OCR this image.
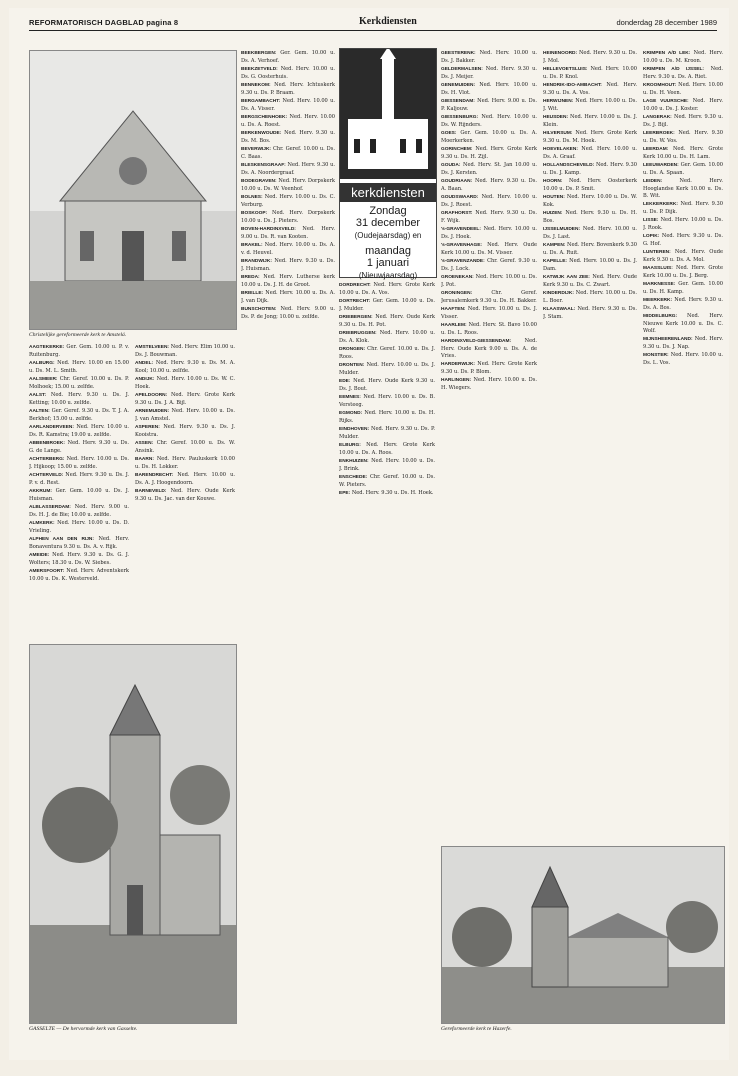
REFORMATORISCH DAGBLAD pagina 8	Kerkdiensten	donderdag 28 december 1989
Christelijke gereformeerde kerk te Amstelá.
kerkdiensten
Zondag
31 december
(Oudejaarsdag) en
maandag
1 januari
(Nieuwjaarsdag)

AAGTEKERKE: Ger. Gem. 10.00 u. P. v. Ruitenburg.

AALBURG: Ned. Herv. 10.00 en 15.00 u. Ds. M. L. Smith.

AALSMEER: Chr. Geref. 10.00 u. Ds. P. Molhoek; 15.00 u. zelfde.

AALST: Ned. Herv. 9.30 u. Ds. J. Ketting; 10.00 u. zelfde.

AALTEN: Ger. Geref. 9.30 u. Ds. T. J. A. Berkhof; 15.00 u. zelfde.

AARLANDERVEEN: Ned. Herv. 10.00 u. Ds. R. Kamstra; 19.00 u. zelfde.

ABBENBROEK: Ned. Herv. 9.30 u. Ds. G. de Lange.

ACHTERBERG: Ned. Herv. 10.00 u. Ds. J. Hijkoop; 15.00 u. zelfde.

ACHTERVELD: Ned. Herv. 9.30 u. Ds. J. P. v. d. Rest.

AKKRUM: Ger. Gem. 10.00 u. Ds. J. Huisman.

ALBLASSERDAM: Ned. Herv. 9.00 u. Ds. H. J. de Bie; 10.00 u. zelfde.

ALMKERK: Ned. Herv. 10.00 u. Ds. D. Vrieling.

ALPHEN AAN DEN RIJN: Ned. Herv. Bonaventura 9.30 u. Ds. A. v. Rijk.

AMEIDE: Ned. Herv. 9.30 u. Ds. G. J. Wolters; 18.30 u. Ds. W. Siebes.

AMERSFOORT: Ned. Herv. Adventskerk 10.00 u. Ds. K. Westerveld.

AMSTELVEEN: Ned. Herv. Elim 10.00 u. Ds. J. Bouwman.

ANDEL: Ned. Herv. 9.30 u. Ds. M. A. Kool; 10.00 u. zelfde.

ANDIJK: Ned. Herv. 10.00 u. Ds. W. C. Hoek.

APELDOORN: Ned. Herv. Grote Kerk 9.30 u. Ds. J. A. Bijl.

ARNEMUIDEN: Ned. Herv. 10.00 u. Ds. J. van Amstel.

ASPEREN: Ned. Herv. 9.30 u. Ds. J. Kooistra.

ASSEN: Chr. Geref. 10.00 u. Ds. W. Ansink.

BAARN: Ned. Herv. Pauluskerk 10.00 u. Ds. H. Lokker.

BARENDRECHT: Ned. Herv. 10.00 u. Ds. A. J. Hoogendoorn.

BARNEVELD: Ned. Herv. Oude Kerk 9.30 u. Ds. Jac. van der Kouwe.

BEEKBERGEN: Ger. Gem. 10.00 u. Ds. A. Verhoef.

BEEKZETVELD: Ned. Herv. 10.00 u. Ds. G. Oosterhuis.

BENNEKOM: Ned. Herv. Ichtuskerk 9.30 u. Ds. P. Braam.

BERGAMBACHT: Ned. Herv. 10.00 u. Ds. A. Visser.

BERGSCHENHOEK: Ned. Herv. 10.00 u. Ds. A. Roest.

BERKENWOUDE: Ned. Herv. 9.30 u. Ds. M. Bos.

BEVERWIJK: Chr. Geref. 10.00 u. Ds. C. Baas.

BLESKENSGRAAF: Ned. Herv. 9.30 u. Ds. A. Noordergraaf.

BODEGRAVEN: Ned. Herv. Dorpskerk 10.00 u. Ds. W. Veenhof.

BOLNES: Ned. Herv. 10.00 u. Ds. C. Verburg.

BOSKOOP: Ned. Herv. Dorpskerk 10.00 u. Ds. J. Pieters.

BOVEN-HARDINXVELD: Ned. Herv. 9.00 u. Ds. R. van Kooten.

BRAKEL: Ned. Herv. 10.00 u. Ds. A. v. d. Heuvel.

BRANDWIJK: Ned. Herv. 9.30 u. Ds. J. Huisman.

BREDA: Ned. Herv. Lutherse kerk 10.00 u. Ds. J. H. de Groot.

BRIELLE: Ned. Herv. 10.00 u. Ds. A. J. van Dijk.

BUNSCHOTEN: Ned. Herv. 9.00 u. Ds. P. de Jong; 10.00 u. zelfde.

DORDRECHT: Ned. Herv. Grote Kerk 10.00 u. Ds. A. Vos.

DORTRECHT: Ger. Gem. 10.00 u. Ds. J. Mulder.

DRIEBERGEN: Ned. Herv. Oude Kerk 9.30 u. Ds. H. Pot.

DRIEBRUGGEN: Ned. Herv. 10.00 u. Ds. A. Klok.

DRONGEN: Chr. Geref. 10.00 u. Ds. J. Roos.

DRONTEN: Ned. Herv. 10.00 u. Ds. J. Mulder.

EDE: Ned. Herv. Oude Kerk 9.30 u. Ds. J. Bout.

EEMNES: Ned. Herv. 10.00 u. Ds. B. Versteeg.

EGMOND: Ned. Herv. 10.00 u. Ds. H. Rijks.

EINDHOVEN: Ned. Herv. 9.30 u. Ds. P. Mulder.

ELBURG: Ned. Herv. Grote Kerk 10.00 u. Ds. A. Roos.

ENKHUIZEN: Ned. Herv. 10.00 u. Ds. J. Brink.

ENSCHEDE: Chr. Geref. 10.00 u. Ds. W. Pieters.

EPE: Ned. Herv. 9.30 u. Ds. H. Hoek.

GEESTERENK: Ned. Herv. 10.00 u. Ds. J. Bakker.

GELDERMALSEN: Ned. Herv. 9.30 u. Ds. J. Meijer.

GENEMUIDEN: Ned. Herv. 10.00 u. Ds. H. Vlot.

GIESSENDAM: Ned. Herv. 9.00 u. Ds. P. Kaljouw.

GIESSENBURG: Ned. Herv. 10.00 u. Ds. W. Rijnders.

GOES: Ger. Gem. 10.00 u. Ds. A. Moerkerken.

GORINCHEM: Ned. Herv. Grote Kerk 9.30 u. Ds. H. Zijl.

GOUDA: Ned. Herv. St. Jan 10.00 u. Ds. J. Kersten.

GOUDRIAAN: Ned. Herv. 9.30 u. Ds. A. Baan.

GOUDSWAARD: Ned. Herv. 10.00 u. Ds. J. Roest.

GRAFHORST: Ned. Herv. 9.30 u. Ds. F. Wijk.

's-GRAVENDEEL: Ned. Herv. 10.00 u. Ds. J. Hoek.

's-GRAVENHAGE: Ned. Herv. Oude Kerk 10.00 u. Ds. M. Visser.

's-GRAVENZANDE: Chr. Geref. 9.30 u. Ds. J. Lock.

GROENEKAN: Ned. Herv. 10.00 u. Ds. J. Pot.

GRONINGEN:	Chr. Geref. Jerusalemkerk 9.30 u. Ds. H. Bakker.

HAAFTEN: Ned. Herv. 10.00 u. Ds. J. Visser.

HAARLEM: Ned. Herv. St. Bavo 10.00 u. Ds. L. Roos.

HARDINXVELD-GIESSENDAM:	Ned. Herv. Oude Kerk 9.00 u. Ds. A. de Vries.

HARDERWIJK: Ned. Herv. Grote Kerk 9.30 u. Ds. P. Blom.

HARLINGEN: Ned. Herv. 10.00 u. Ds. H. Wiegers.

HEINENOORD: Ned. Herv. 9.30 u. Ds. J. Mol.

HELLEVOETSLUIS: Ned. Herv. 10.00 u. Ds. P. Knol.

HENDRIK-IDO-AMBACHT: Ned. Herv. 9.30 u. Ds. A. Vos.

HERWIJNEN: Ned. Herv. 10.00 u. Ds. J. Wit.

HEUSDEN: Ned. Herv. 10.00 u. Ds. J. Klein.

HILVERSUM: Ned. Herv. Grote Kerk 9.30 u. Ds. M. Hoek.

HOEVELAKEN: Ned. Herv. 10.00 u. Ds. A. Graaf.

HOLLANDSCHEVELD: Ned. Herv. 9.30 u. Ds. J. Kamp.

HOORN: Ned. Herv. Oosterkerk 10.00 u. Ds. P. Smit.

HOUTEN: Ned. Herv. 10.00 u. Ds. W. Kok.

HUIZEN: Ned. Herv. 9.30 u. Ds. H. Bos.

IJSSELMUIDEN: Ned. Herv. 10.00 u. Ds. J. Last.

KAMPEN: Ned. Herv. Bovenkerk 9.30 u. Ds. A. Ruit.

KAPELLE: Ned. Herv. 10.00 u. Ds. J. Dam.

KATWIJK AAN ZEE: Ned. Herv. Oude Kerk 9.30 u. Ds. C. Zwart.

KINDERDIJK: Ned. Herv. 10.00 u. Ds. L. Boer.

KLAASWAAL: Ned. Herv. 9.30 u. Ds. J. Stam.

KRIMPEN A/D LEK: Ned. Herv. 10.00 u. Ds. M. Kroon.

KRIMPEN A/D IJSSEL: Ned. Herv. 9.30 u. Ds. A. Riet.

KROOMHOUT: Ned. Herv. 10.00 u. Ds. H. Veen.

LAGE VUURSCHE: Ned. Herv. 10.00 u. Ds. J. Koster.

LANGERAK: Ned. Herv. 9.30 u. Ds. J. Bijl.

LEERBROEK: Ned. Herv. 9.30 u. Ds. W. Vos.

LEERDAM: Ned. Herv. Grote Kerk 10.00 u. Ds. H. Lam.

LEEUWARDEN: Ger. Gem. 10.00 u. Ds. A. Spaan.

LEIDEN:	Ned. Herv. Hooglandse Kerk 10.00 u. Ds. B. Wit.

LEKKERKERK: Ned. Herv. 9.30 u. Ds. P. Dijk.

LISSE: Ned. Herv. 10.00 u. Ds. J. Rook.

LOPIK: Ned. Herv. 9.30 u. Ds. G. Hof.

LUNTEREN: Ned. Herv. Oude Kerk 9.30 u. Ds. A. Mol.

MAASSLUIS: Ned. Herv. Grote Kerk 10.00 u. Ds. J. Berg.

MARKNESSE: Ger. Gem. 10.00 u. Ds. H. Kamp.

MEERKERK: Ned. Herv. 9.30 u. Ds. A. Bos.

MIDDELBURG: Ned. Herv. Nieuwe Kerk 10.00 u. Ds. C. Wolf.

MIJNSHEERENLAND: Ned. Herv. 9.30 u. Ds. J. Nap.

MONSTER: Ned. Herv. 10.00 u. Ds. L. Vos.

GASSELTE — De hervormde kerk van Gasselte.	Gereformeerde kerk te Hazerfe.
